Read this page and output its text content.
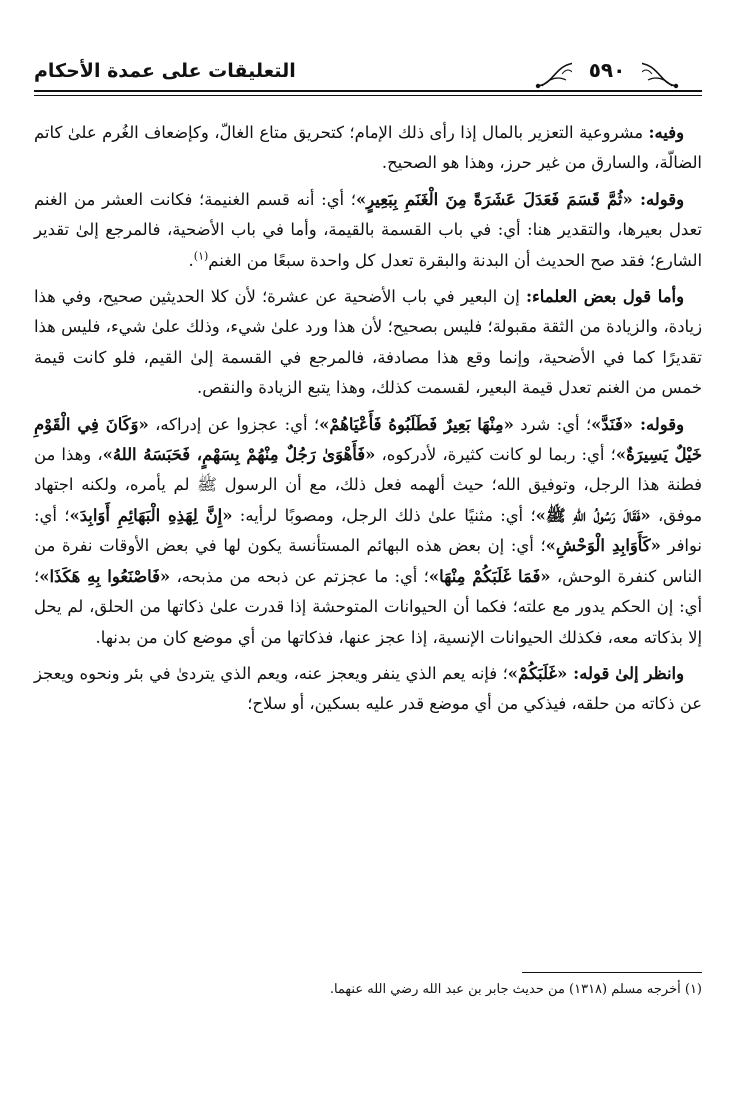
التعليقات على عمدة الأحكام	٥٩٠

وفيه: مشروعية التعزير بالمال إذا رأى ذلك الإمام؛ كتحريق متاع الغالّ، وكإضعاف الغُرم علىٰ كاتم الضالّة، والسارق من غير حرز، وهذا هو الصحيح.

وقوله: «ثُمَّ قَسَمَ فَعَدَلَ عَشَرَةً مِنَ الْغَنَمِ بِبَعِيرٍ»؛ أي: أنه قسم الغنيمة؛ فكانت العشر من الغنم تعدل بعيرها، والتقدير هنا: أي: في باب القسمة بالقيمة، وأما في باب الأضحية، فالمرجع إلىٰ تقدير الشارع؛ فقد صح الحديث أن البدنة والبقرة تعدل كل واحدة سبعًا من الغنم$^{(١)}$.

وأما قول بعض العلماء: إن البعير في باب الأضحية عن عشرة؛ لأن كلا الحديثين صحيح، وفي هذا زيادة، والزيادة من الثقة مقبولة؛ فليس بصحيح؛ لأن هذا ورد علىٰ شيء، وذلك علىٰ شيء، فليس هذا تقديرًا كما في الأضحية، وإنما وقع هذا مصادفة، فالمرجع في القسمة إلىٰ القيم، فلو كانت قيمة خمس من الغنم تعدل قيمة البعير، لقسمت كذلك، وهذا يتبع الزيادة والنقص.

وقوله: «فَنَدَّ»؛ أي: شرد «مِنْهَا بَعِيرٌ فَطَلَبُوهُ فَأَعْيَاهُمْ»؛ أي: عجزوا عن إدراكه، «وَكَانَ فِي الْقَوْمِ خَيْلٌ يَسِيرَةٌ»؛ أي: ربما لو كانت كثيرة، لأدركوه، «فَأَهْوَىٰ رَجُلٌ مِنْهُمْ بِسَهْمٍ، فَحَبَسَهُ اللهُ»، وهذا من فطنة هذا الرجل، وتوفيق الله؛ حيث ألهمه فعل ذلك، مع أن الرسول ﷺ لم يأمره، ولكنه اجتهاد موفق، «فَقَالَ رَسُولُ اللهِ ﷺ»؛ أي: مثنيًا علىٰ ذلك الرجل، ومصوبًا لرأيه: «إِنَّ لِهَذِهِ الْبَهَائِمِ أَوَابِدَ»؛ أي: نوافر «كَأَوَابِدِ الْوَحْشِ»؛ أي: إن بعض هذه البهائم المستأنسة يكون لها في بعض الأوقات نفرة من الناس كنفرة الوحش، «فَمَا غَلَبَكُمْ مِنْهَا»؛ أي: ما عجزتم عن ذبحه من مذبحه، «فَاصْنَعُوا بِهِ هَكَذَا»؛ أي: إن الحكم يدور مع علته؛ فكما أن الحيوانات المتوحشة إذا قدرت علىٰ ذكاتها من الحلق، لم يحل إلا بذكاته معه، فكذلك الحيوانات الإنسية، إذا عجز عنها، فذكاتها من أي موضع كان من بدنها.

وانظر إلىٰ قوله: «غَلَبَكُمْ»؛ فإنه يعم الذي ينفر ويعجز عنه، ويعم الذي يتردىٰ في بئر ونحوه ويعجز عن ذكاته من حلقه، فيذكي من أي موضع قدر عليه بسكين، أو سلاح؛

(١) أخرجه مسلم (١٣١٨) من حديث جابر بن عبد الله رضي الله عنهما.
